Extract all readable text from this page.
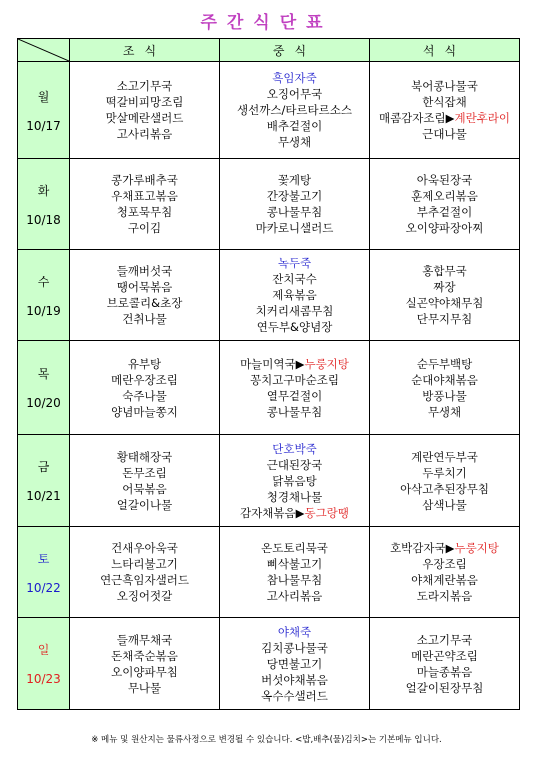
주간식단표
	조식	중식	석식

월
10/17	소고기무국
떡갈비피망조림
맛살메란샐러드
고사리볶음	흑임자죽
오징어무국
생선까스/타르타르소스
배추겉절이
무생채	북어콩나물국
한식잡채
매콤감자조림▶계란후라이
근대나물

화
10/18	콩가루배추국
우채표고볶음
청포묵무침
구이김	꽃게탕
간장불고기
콩나물무침
마카로니샐러드	아욱된장국
훈제오리볶음
부추겉절이
오이양파장아찌

수
10/19	들깨버섯국
땡어묵볶음
브로콜리&초장
건취나물	녹두죽
잔치국수
제육볶음
치커리새콤무침
연두부&양념장	홍합무국
짜장
실곤약야채무침
단무지무침

목
10/20	유부탕
메란우장조림
숙주나물
양념마늘쫑지	마늘미역국▶누룽지탕
꽁치고구마순조림
열무겉절이
콩나물무침	순두부백탕
순대야채볶음
방풍나물
무생채

금
10/21	황태해장국
돈무조림
어묵볶음
얼갈이나물	단호박죽
근대된장국
닭볶음탕
청경채나물
감자채볶음▶동그랑땡	계란연두부국
두루치기
아삭고추된장무침
삼색나물

토
10/22	건새우아욱국
느타리불고기
연근흑임자샐러드
오징어젓갈	온도토리묵국
삐삭불고기
참나물무침
고사리볶음	호박감자국▶누룽지탕
우장조림
야채계란볶음
도라지볶음

일
10/23	들깨무채국
돈채죽순볶음
오이양파무침
무나물	야채죽
김치콩나물국
당면불고기
버섯야채볶음
옥수수샐러드	소고기무국
메란곤약조림
마늘종볶음
얼갈이된장무침
※ 메뉴 및 원산지는 물류사정으로 변경될 수 있습니다. <밥,배추(물)김치>는 기본메뉴 입니다.
